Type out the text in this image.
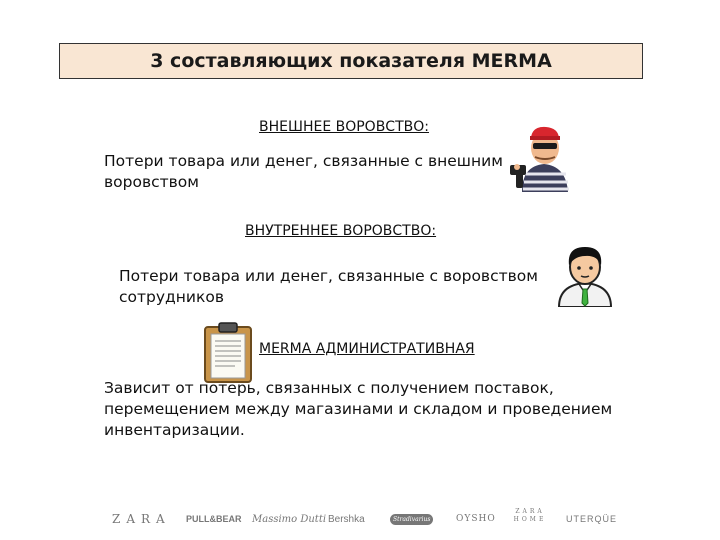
3 составляющих показателя MERMA
ВНЕШНЕЕ ВОРОВСТВО:
Потери товара или денег, связанные с внешним
воровством
ВНУТРЕННЕЕ ВОРОВСТВО:
Потери товара или денег, связанные с воровством
сотрудников
MERMA АДМИНИСТРАТИВНАЯ
Зависит от потерь, связанных с получением поставок,
перемещением между магазинами и складом и проведением
инвентаризации.
ZARA PULL&BEAR Massimo Dutti Bershka	Stradivarius	OYSHO
ZARA HOME UTERQÜE
